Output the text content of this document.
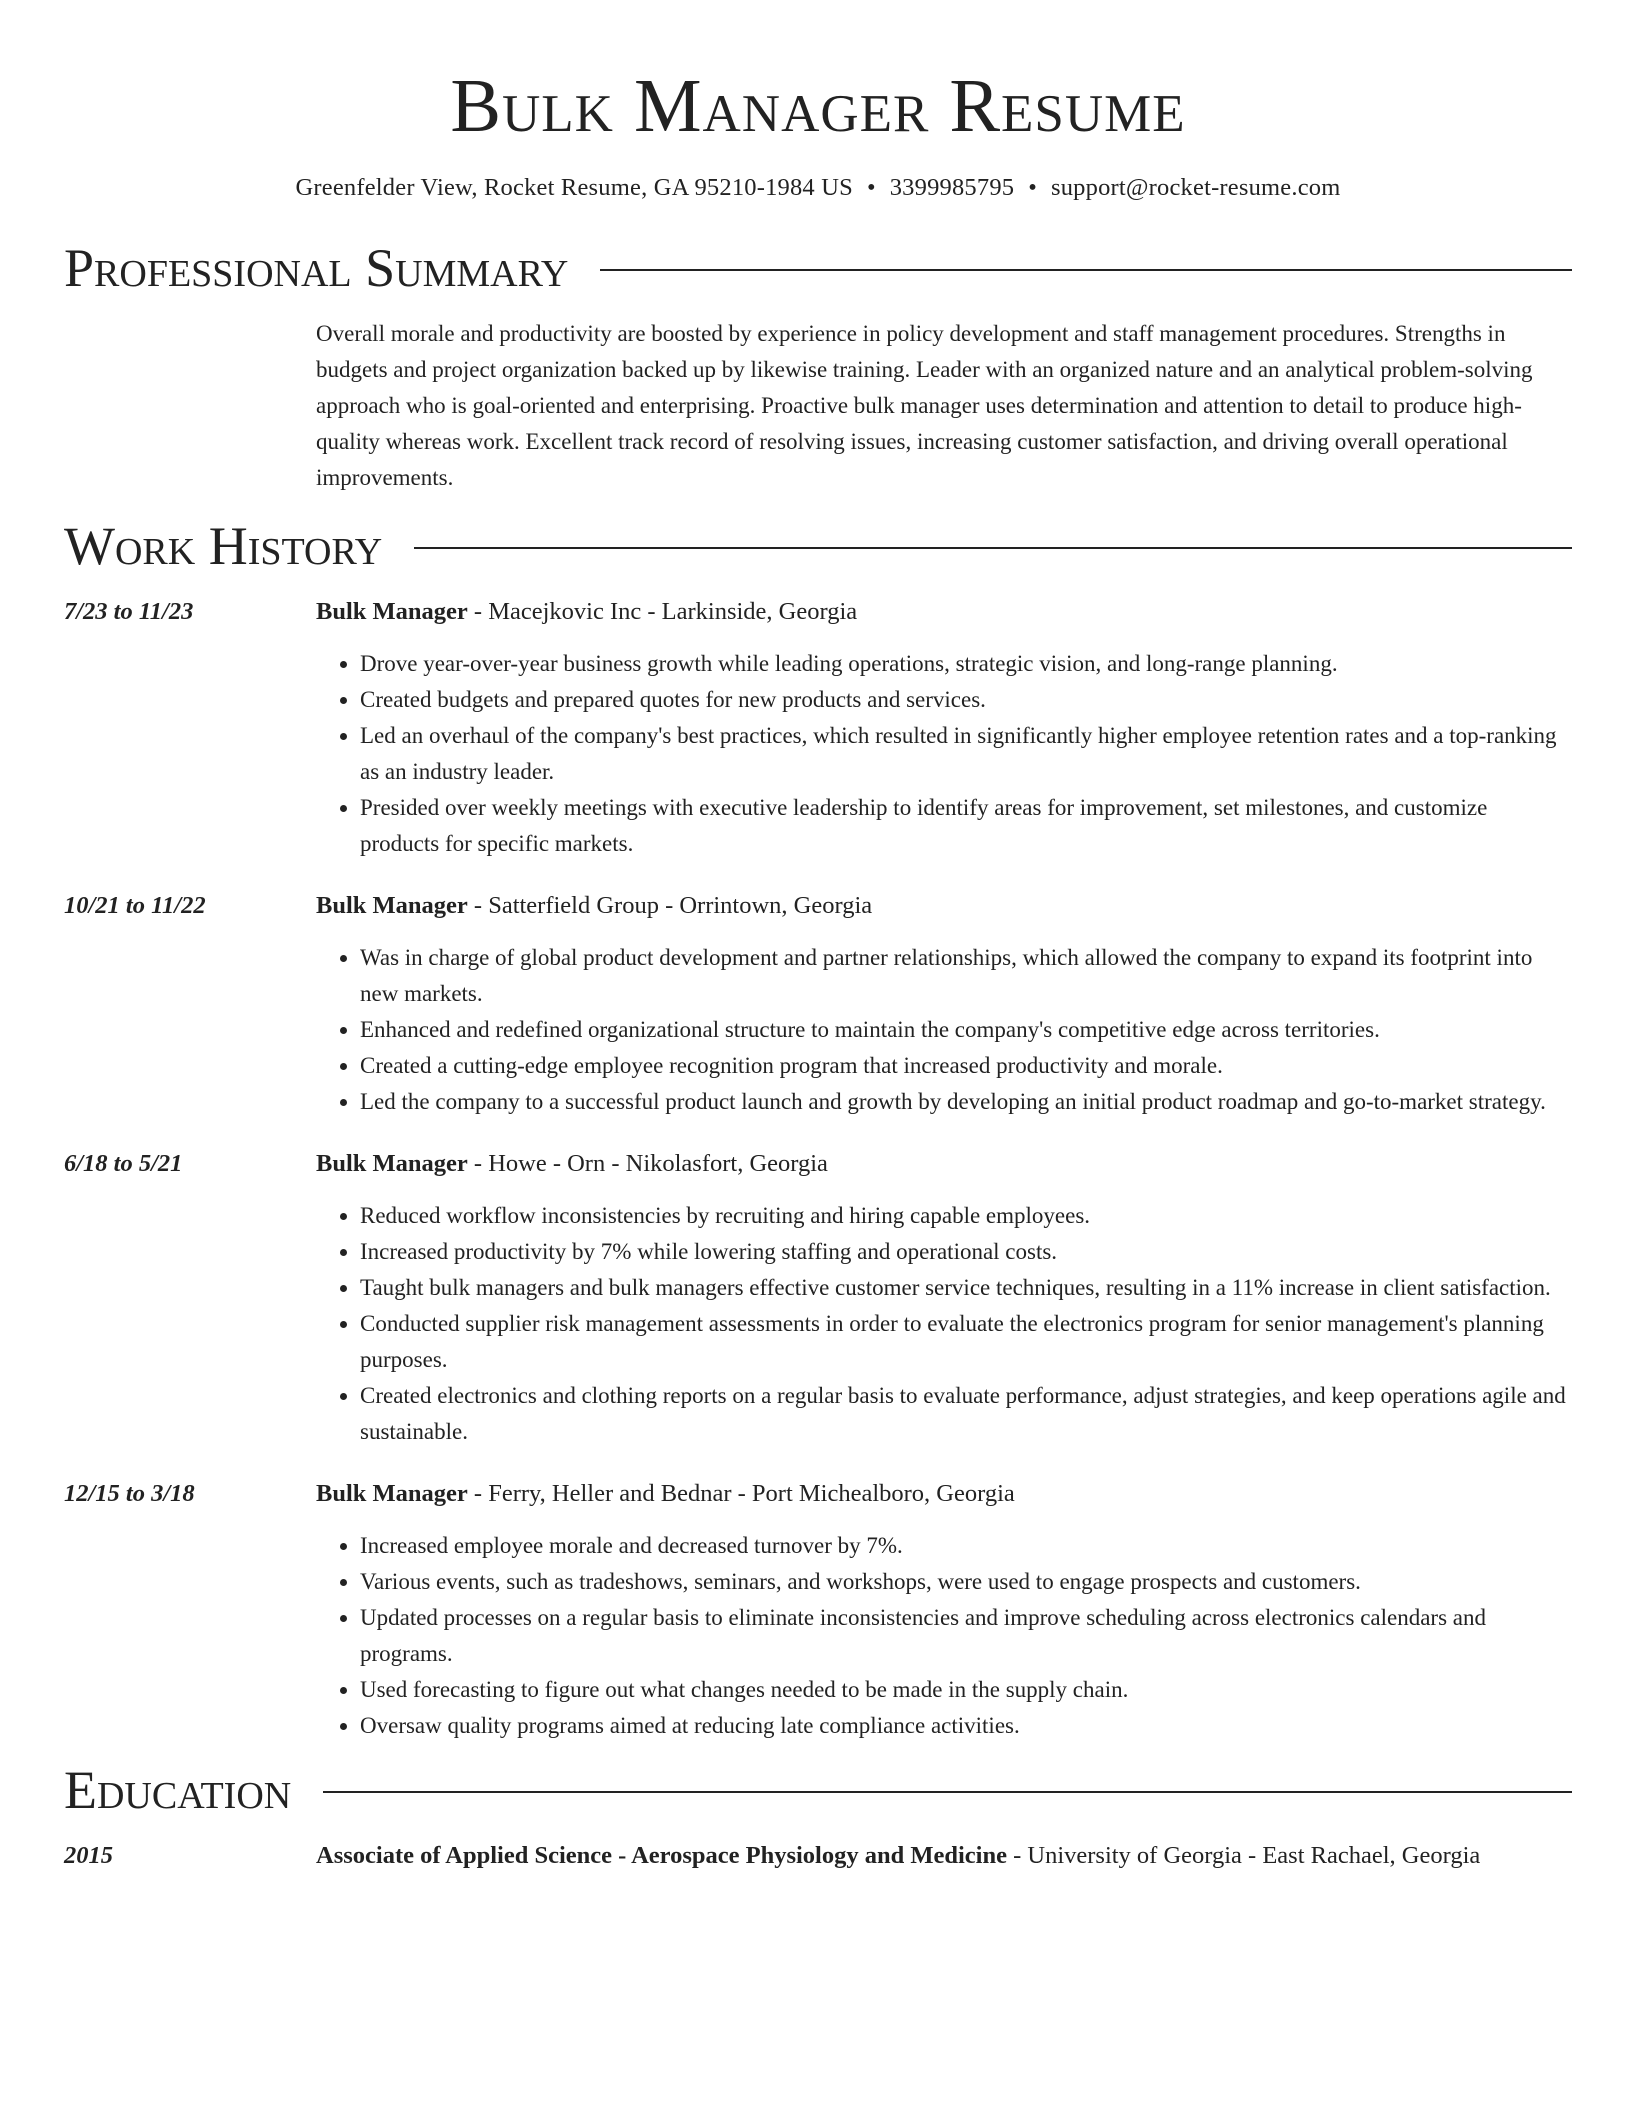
Bulk Manager Resume
Greenfelder View, Rocket Resume, GA 95210-1984 US • 3399985795 • support@rocket-resume.com
Professional Summary
Overall morale and productivity are boosted by experience in policy development and staff management procedures. Strengths in budgets and project organization backed up by likewise training. Leader with an organized nature and an analytical problem-solving approach who is goal-oriented and enterprising. Proactive bulk manager uses determination and attention to detail to produce high-quality whereas work. Excellent track record of resolving issues, increasing customer satisfaction, and driving overall operational improvements.
Work History
7/23 to 11/23	Bulk Manager - Macejkovic Inc - Larkinside, Georgia
• Drove year-over-year business growth while leading operations, strategic vision, and long-range planning.
• Created budgets and prepared quotes for new products and services.
• Led an overhaul of the company's best practices, which resulted in significantly higher employee retention rates and a top-ranking as an industry leader.
• Presided over weekly meetings with executive leadership to identify areas for improvement, set milestones, and customize products for specific markets.
10/21 to 11/22	Bulk Manager - Satterfield Group - Orrintown, Georgia
• Was in charge of global product development and partner relationships, which allowed the company to expand its footprint into new markets.
• Enhanced and redefined organizational structure to maintain the company's competitive edge across territories.
• Created a cutting-edge employee recognition program that increased productivity and morale.
• Led the company to a successful product launch and growth by developing an initial product roadmap and go-to-market strategy.
6/18 to 5/21	Bulk Manager - Howe - Orn - Nikolasfort, Georgia
• Reduced workflow inconsistencies by recruiting and hiring capable employees.
• Increased productivity by 7% while lowering staffing and operational costs.
• Taught bulk managers and bulk managers effective customer service techniques, resulting in a 11% increase in client satisfaction.
• Conducted supplier risk management assessments in order to evaluate the electronics program for senior management's planning purposes.
• Created electronics and clothing reports on a regular basis to evaluate performance, adjust strategies, and keep operations agile and sustainable.
12/15 to 3/18	Bulk Manager - Ferry, Heller and Bednar - Port Michealboro, Georgia
• Increased employee morale and decreased turnover by 7%.
• Various events, such as tradeshows, seminars, and workshops, were used to engage prospects and customers.
• Updated processes on a regular basis to eliminate inconsistencies and improve scheduling across electronics calendars and programs.
• Used forecasting to figure out what changes needed to be made in the supply chain.
• Oversaw quality programs aimed at reducing late compliance activities.
Education
2015	Associate of Applied Science - Aerospace Physiology and Medicine - University of Georgia - East Rachael, Georgia
